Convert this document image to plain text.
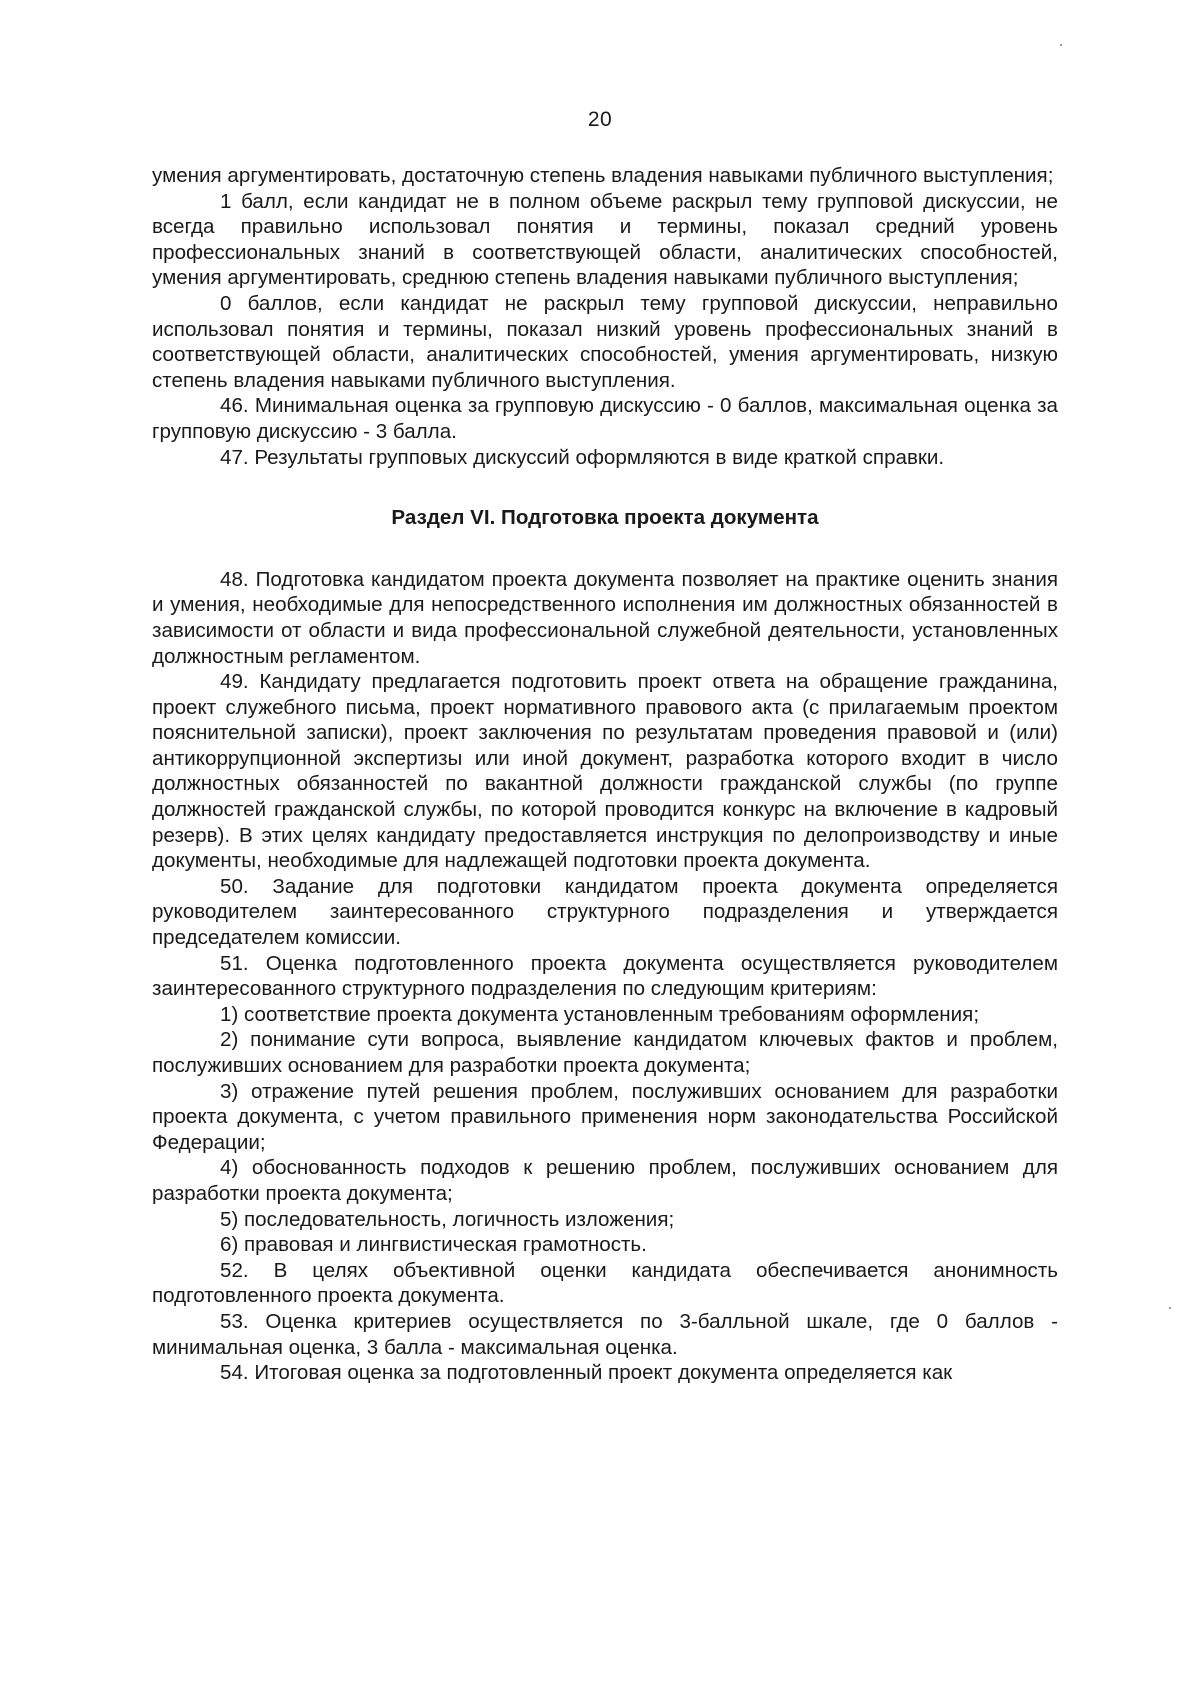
20

умения аргументировать, достаточную степень владения навыками публичного выступления;

1 балл, если кандидат не в полном объеме раскрыл тему групповой дискуссии, не всегда правильно использовал понятия и термины, показал средний уровень профессиональных знаний в соответствующей области, аналитических способностей, умения аргументировать, среднюю степень владения навыками публичного выступления;

0 баллов, если кандидат не раскрыл тему групповой дискуссии, неправильно использовал понятия и термины, показал низкий уровень профессиональных знаний в соответствующей области, аналитических способностей, умения аргументировать, низкую степень владения навыками публичного выступления.

46. Минимальная оценка за групповую дискуссию - 0 баллов, максимальная оценка за групповую дискуссию - 3 балла.

47. Результаты групповых дискуссий оформляются в виде краткой справки.

Раздел VI. Подготовка проекта документа

48. Подготовка кандидатом проекта документа позволяет на практике оценить знания и умения, необходимые для непосредственного исполнения им должностных обязанностей в зависимости от области и вида профессиональной служебной деятельности, установленных должностным регламентом.

49. Кандидату предлагается подготовить проект ответа на обращение гражданина, проект служебного письма, проект нормативного правового акта (с прилагаемым проектом пояснительной записки), проект заключения по результатам проведения правовой и (или) антикоррупционной экспертизы или иной документ, разработка которого входит в число должностных обязанностей по вакантной должности гражданской службы (по группе должностей гражданской службы, по которой проводится конкурс на включение в кадровый резерв). В этих целях кандидату предоставляется инструкция по делопроизводству и иные документы, необходимые для надлежащей подготовки проекта документа.

50. Задание для подготовки кандидатом проекта документа определяется руководителем заинтересованного структурного подразделения и утверждается председателем комиссии.

51. Оценка подготовленного проекта документа осуществляется руководителем заинтересованного структурного подразделения по следующим критериям:

1) соответствие проекта документа установленным требованиям оформления;

2) понимание сути вопроса, выявление кандидатом ключевых фактов и проблем, послуживших основанием для разработки проекта документа;

3) отражение путей решения проблем, послуживших основанием для разработки проекта документа, с учетом правильного применения норм законодательства Российской Федерации;

4) обоснованность подходов к решению проблем, послуживших основанием для разработки проекта документа;

5) последовательность, логичность изложения;

6) правовая и лингвистическая грамотность.

52. В целях объективной оценки кандидата обеспечивается анонимность подготовленного проекта документа.

53. Оценка критериев осуществляется по 3-балльной шкале, где 0 баллов - минимальная оценка, 3 балла - максимальная оценка.

54. Итоговая оценка за подготовленный проект документа определяется как
